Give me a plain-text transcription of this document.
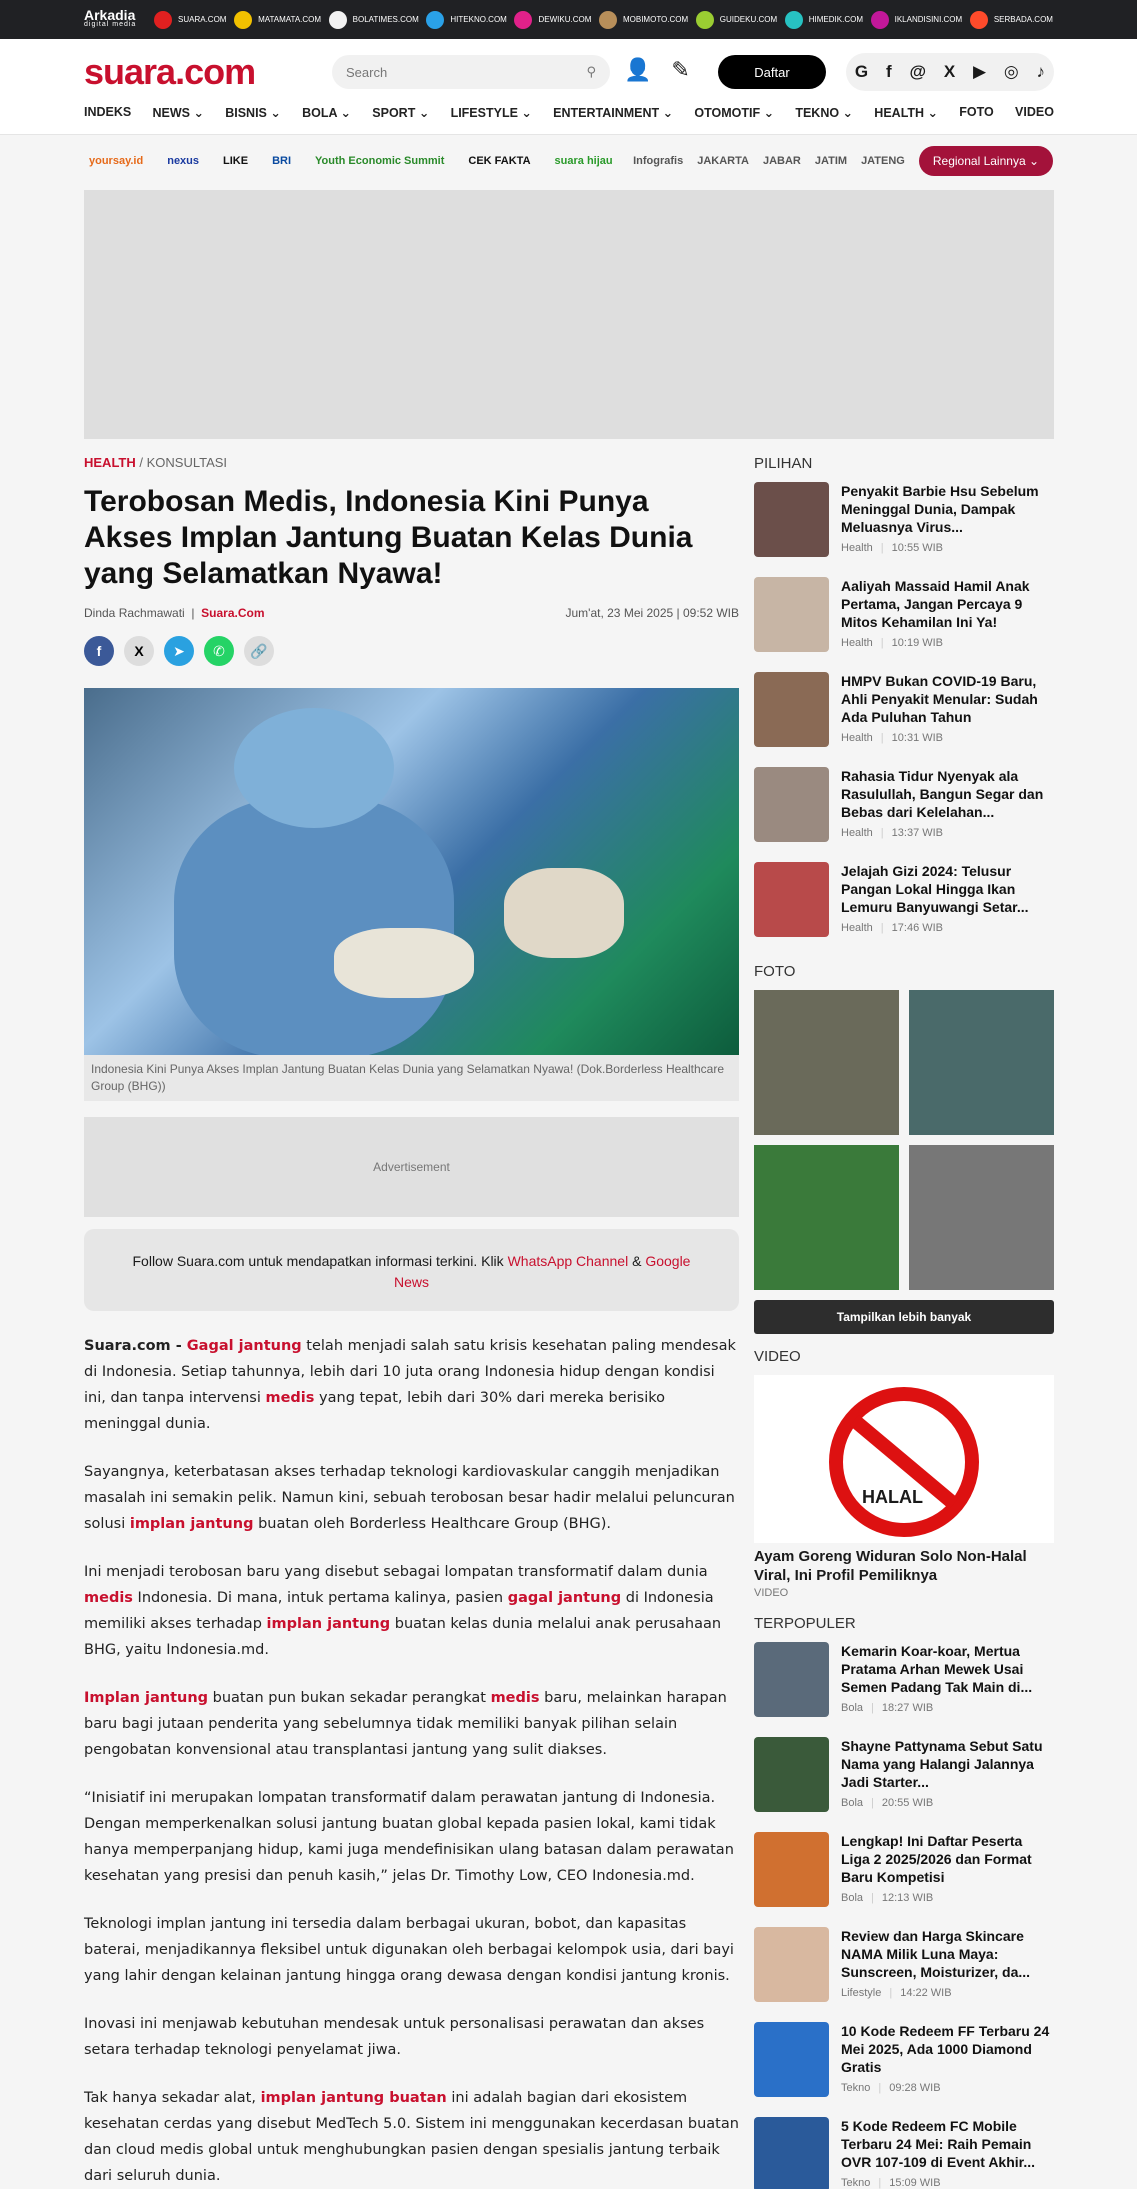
Arkadia
digital media	SUARA.COM	MATAMATA.COM	BOLATIMES.COM	HITEKNO.COM	DEWIKU.COM	MOBIMOTO.COM	GUIDEKU.COM	HIMEDIK.COM	IKLANDISINI.COM	SERBADA.COM
suara.com	Search	⚲ 👤 ✎	Daftar	G f @ X ▶ ◎ ♪
INDEKS NEWS ⌄ BISNIS ⌄ BOLA ⌄ SPORT ⌄ LIFESTYLE ⌄ ENTERTAINMENT ⌄ OTOMOTIF ⌄ TEKNO ⌄ HEALTH ⌄ FOTO VIDEO
yoursay.id	nexus	LIKE	BRI	Youth Economic Summit	CEK FAKTA	suara hijau	Infografis JAKARTA JABAR JATIM JATENG	Regional Lainnya ⌄
HEALTH / KONSULTASI
Terobosan Medis, Indonesia Kini Punya Akses Implan Jantung Buatan Kelas Dunia yang Selamatkan Nyawa!
Dinda Rachmawati  |  Suara.Com	Jum'at, 23 Mei 2025 | 09:52 WIB
f	X	➤	✆	🔗
Indonesia Kini Punya Akses Implan Jantung Buatan Kelas Dunia yang Selamatkan Nyawa! (Dok.Borderless Healthcare Group (BHG))
Advertisement
Follow Suara.com untuk mendapatkan informasi terkini. Klik WhatsApp Channel & Google News

Suara.com - Gagal jantung telah menjadi salah satu krisis kesehatan paling mendesak di Indonesia. Setiap tahunnya, lebih dari 10 juta orang Indonesia hidup dengan kondisi ini, dan tanpa intervensi medis yang tepat, lebih dari 30% dari mereka berisiko meninggal dunia.

Sayangnya, keterbatasan akses terhadap teknologi kardiovaskular canggih menjadikan masalah ini semakin pelik. Namun kini, sebuah terobosan besar hadir melalui peluncuran solusi implan jantung buatan oleh Borderless Healthcare Group (BHG).

Ini menjadi terobosan baru yang disebut sebagai lompatan transformatif dalam dunia medis Indonesia. Di mana, intuk pertama kalinya, pasien gagal jantung di Indonesia memiliki akses terhadap implan jantung buatan kelas dunia melalui anak perusahaan BHG, yaitu Indonesia.md.

Implan jantung buatan pun bukan sekadar perangkat medis baru, melainkan harapan baru bagi jutaan penderita yang sebelumnya tidak memiliki banyak pilihan selain pengobatan konvensional atau transplantasi jantung yang sulit diakses.

“Inisiatif ini merupakan lompatan transformatif dalam perawatan jantung di Indonesia. Dengan memperkenalkan solusi jantung buatan global kepada pasien lokal, kami tidak hanya memperpanjang hidup, kami juga mendefinisikan ulang batasan dalam perawatan kesehatan yang presisi dan penuh kasih,” jelas Dr. Timothy Low, CEO Indonesia.md.

Teknologi implan jantung ini tersedia dalam berbagai ukuran, bobot, dan kapasitas baterai, menjadikannya fleksibel untuk digunakan oleh berbagai kelompok usia, dari bayi yang lahir dengan kelainan jantung hingga orang dewasa dengan kondisi jantung kronis.

Inovasi ini menjawab kebutuhan mendesak untuk personalisasi perawatan dan akses setara terhadap teknologi penyelamat jiwa.

Tak hanya sekadar alat, implan jantung buatan ini adalah bagian dari ekosistem kesehatan cerdas yang disebut MedTech 5.0. Sistem ini menggunakan kecerdasan buatan dan cloud medis global untuk menghubungkan pasien dengan spesialis jantung terbaik dari seluruh dunia.

PILIHAN
Penyakit Barbie Hsu Sebelum Meninggal Dunia, Dampak Meluasnya Virus...
Health | 10:55 WIB
Aaliyah Massaid Hamil Anak Pertama, Jangan Percaya 9 Mitos Kehamilan Ini Ya!
Health | 10:19 WIB
HMPV Bukan COVID-19 Baru, Ahli Penyakit Menular: Sudah Ada Puluhan Tahun
Health | 10:31 WIB
Rahasia Tidur Nyenyak ala Rasulullah, Bangun Segar dan Bebas dari Kelelahan...
Health | 13:37 WIB
Jelajah Gizi 2024: Telusur Pangan Lokal Hingga Ikan Lemuru Banyuwangi Setar...
Health | 17:46 WIB
FOTO
Tampilkan lebih banyak
VIDEO
HALAL
Ayam Goreng Widuran Solo Non-Halal Viral, Ini Profil Pemiliknya
VIDEO
TERPOPULER
Kemarin Koar-koar, Mertua Pratama Arhan Mewek Usai Semen Padang Tak Main di...
Bola | 18:27 WIB
Shayne Pattynama Sebut Satu Nama yang Halangi Jalannya Jadi Starter...
Bola | 20:55 WIB
Lengkap! Ini Daftar Peserta Liga 2 2025/2026 dan Format Baru Kompetisi
Bola | 12:13 WIB
Review dan Harga Skincare NAMA Milik Luna Maya: Sunscreen, Moisturizer, da...
Lifestyle | 14:22 WIB
10 Kode Redeem FF Terbaru 24 Mei 2025, Ada 1000 Diamond Gratis
Tekno | 09:28 WIB
5 Kode Redeem FC Mobile Terbaru 24 Mei: Raih Pemain OVR 107-109 di Event Akhir...
Tekno | 15:09 WIB
